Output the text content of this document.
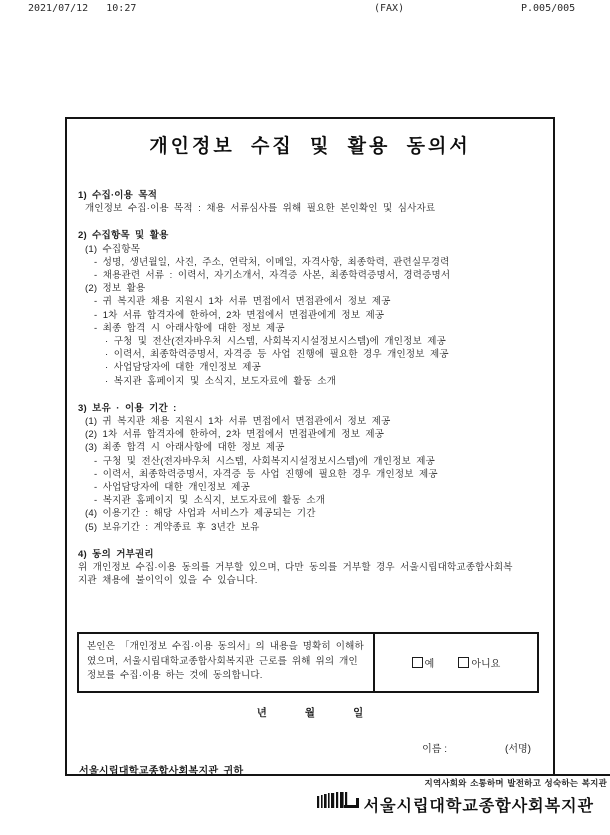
2021/07/12   10:27	(FAX)	P.005/005
개인정보 수집 및 활용 동의서
1) 수집·이용 목적
개인정보 수집·이용 목적 : 채용 서류심사를 위해 필요한 본인확인 및 심사자료
2) 수집항목 및 활용
(1) 수집항목
- 성명, 생년월일, 사진, 주소, 연락처, 이메일, 자격사항, 최종학력, 관련실무경력
- 채용관련 서류 : 이력서, 자기소개서, 자격증 사본, 최종학력증명서, 경력증명서
(2) 정보 활용
- 귀 복지관 채용 지원시 1차 서류 면접에서 면접관에서 정보 제공
- 1차 서류 합격자에 한하여, 2차 면접에서 면접관에게 정보 제공
- 최종 합격 시 아래사항에 대한 정보 제공
· 구청 및 전산(전자바우처 시스템, 사회복지시설정보시스템)에 개인정보 제공
· 이력서, 최종학력증명서, 자격증 등 사업 진행에 필요한 경우 개인정보 제공
· 사업담당자에 대한 개인정보 제공
· 복지관 홈페이지 및 소식지, 보도자료에 활동 소개
3) 보유 · 이용 기간 :
(1) 귀 복지관 채용 지원시 1차 서류 면접에서 면접관에서 정보 제공
(2) 1차 서류 합격자에 한하여, 2차 면접에서 면접관에게 정보 제공
(3) 최종 합격 시 아래사항에 대한 정보 제공
- 구청 및 전산(전자바우처 시스템, 사회복지시설정보시스템)에 개인정보 제공
- 이력서, 최종학력증명서, 자격증 등 사업 진행에 필요한 경우 개인정보 제공
- 사업담당자에 대한 개인정보 제공
- 복지관 홈페이지 및 소식지, 보도자료에 활동 소개
(4) 이용기간 : 해당 사업과 서비스가 제공되는 기간
(5) 보유기간 : 계약종료 후 3년간 보유
4) 동의 거부권리
위 개인정보 수집·이용 동의를 거부할 있으며, 다만 동의를 거부할 경우 서울시립대학교종합사회복
지관 채용에 불이익이 있을 수 있습니다.
본인은 「개인정보 수집·이용 동의서」의 내용을 명확히 이해하였으며, 서울시립대학교종합사회복지관 근로를 위해 위의 개인정보를 수집·이용 하는 것에 동의합니다.
예	아니요
년	월	일
이름 :	(서명)
서울시립대학교종합사회복지관 귀하
지역사회와 소통하며 발전하고 성숙하는 복지관
서울시립대학교종합사회복지관
